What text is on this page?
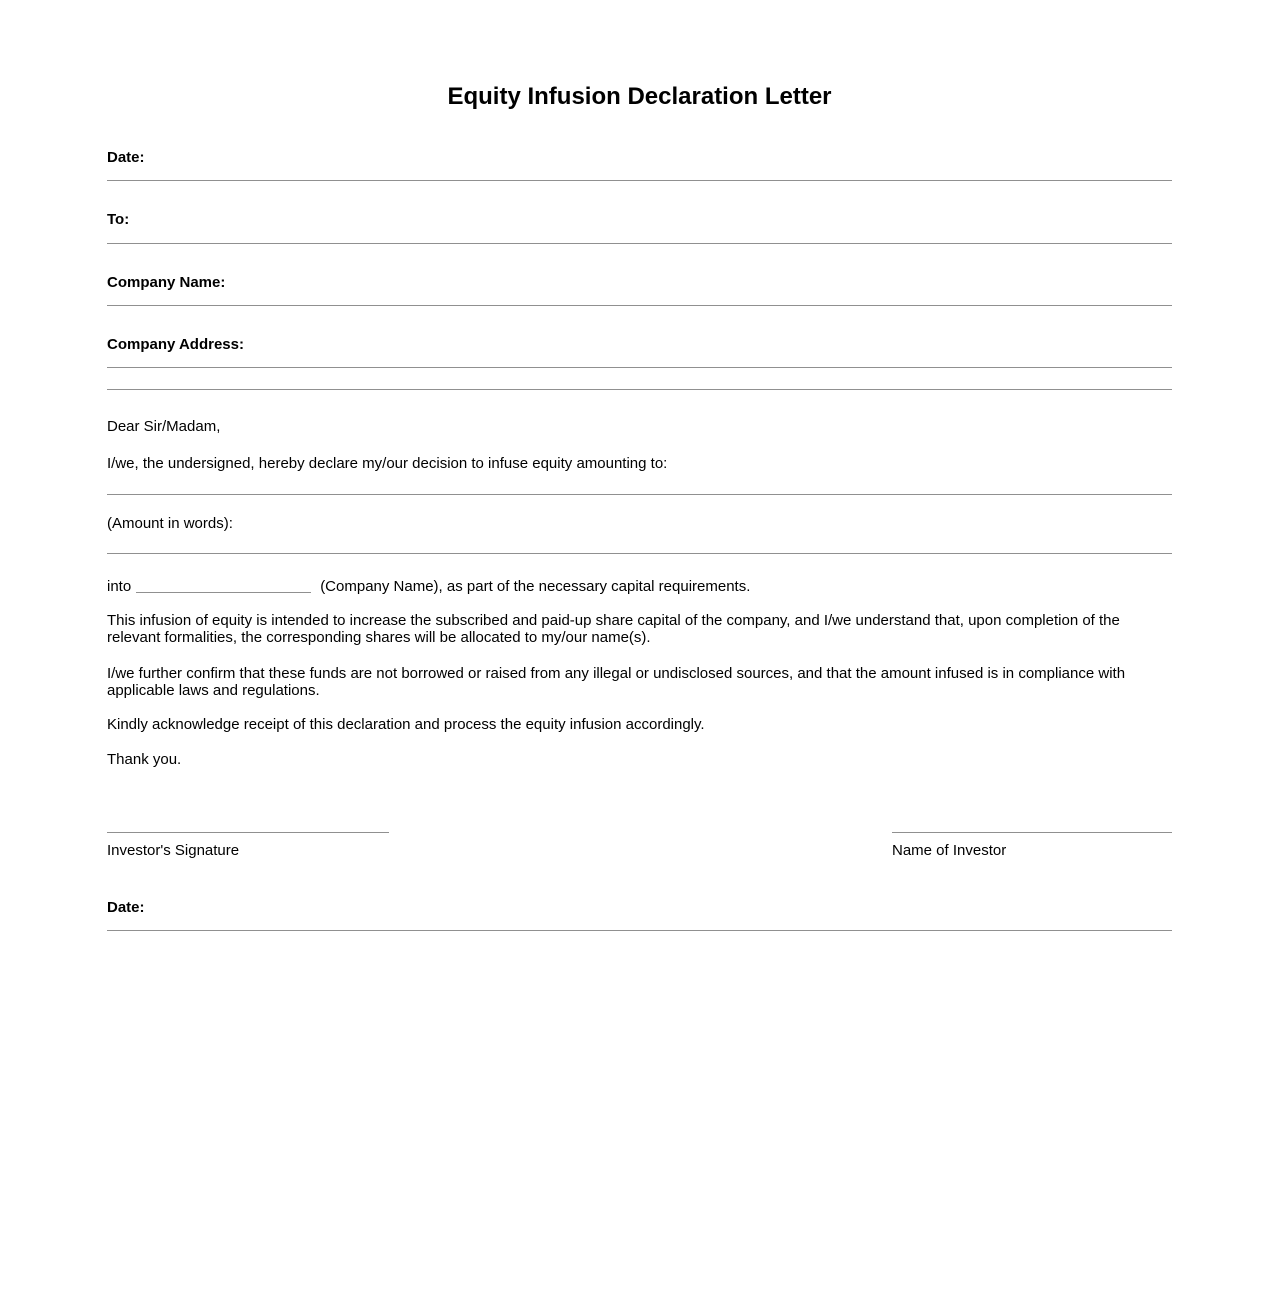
Equity Infusion Declaration Letter
Date:
To:
Company Name:
Company Address:

Dear Sir/Madam,

I/we, the undersigned, hereby declare my/our decision to infuse equity amounting to:

(Amount in words):

into	(Company Name), as part of the necessary capital requirements.

This infusion of equity is intended to increase the subscribed and paid-up share capital of the company, and I/we understand that, upon completion of the relevant formalities, the corresponding shares will be allocated to my/our name(s).

I/we further confirm that these funds are not borrowed or raised from any illegal or undisclosed sources, and that the amount infused is in compliance with applicable laws and regulations.

Kindly acknowledge receipt of this declaration and process the equity infusion accordingly.

Thank you.

Investor's Signature	Name of Investor
Date:
